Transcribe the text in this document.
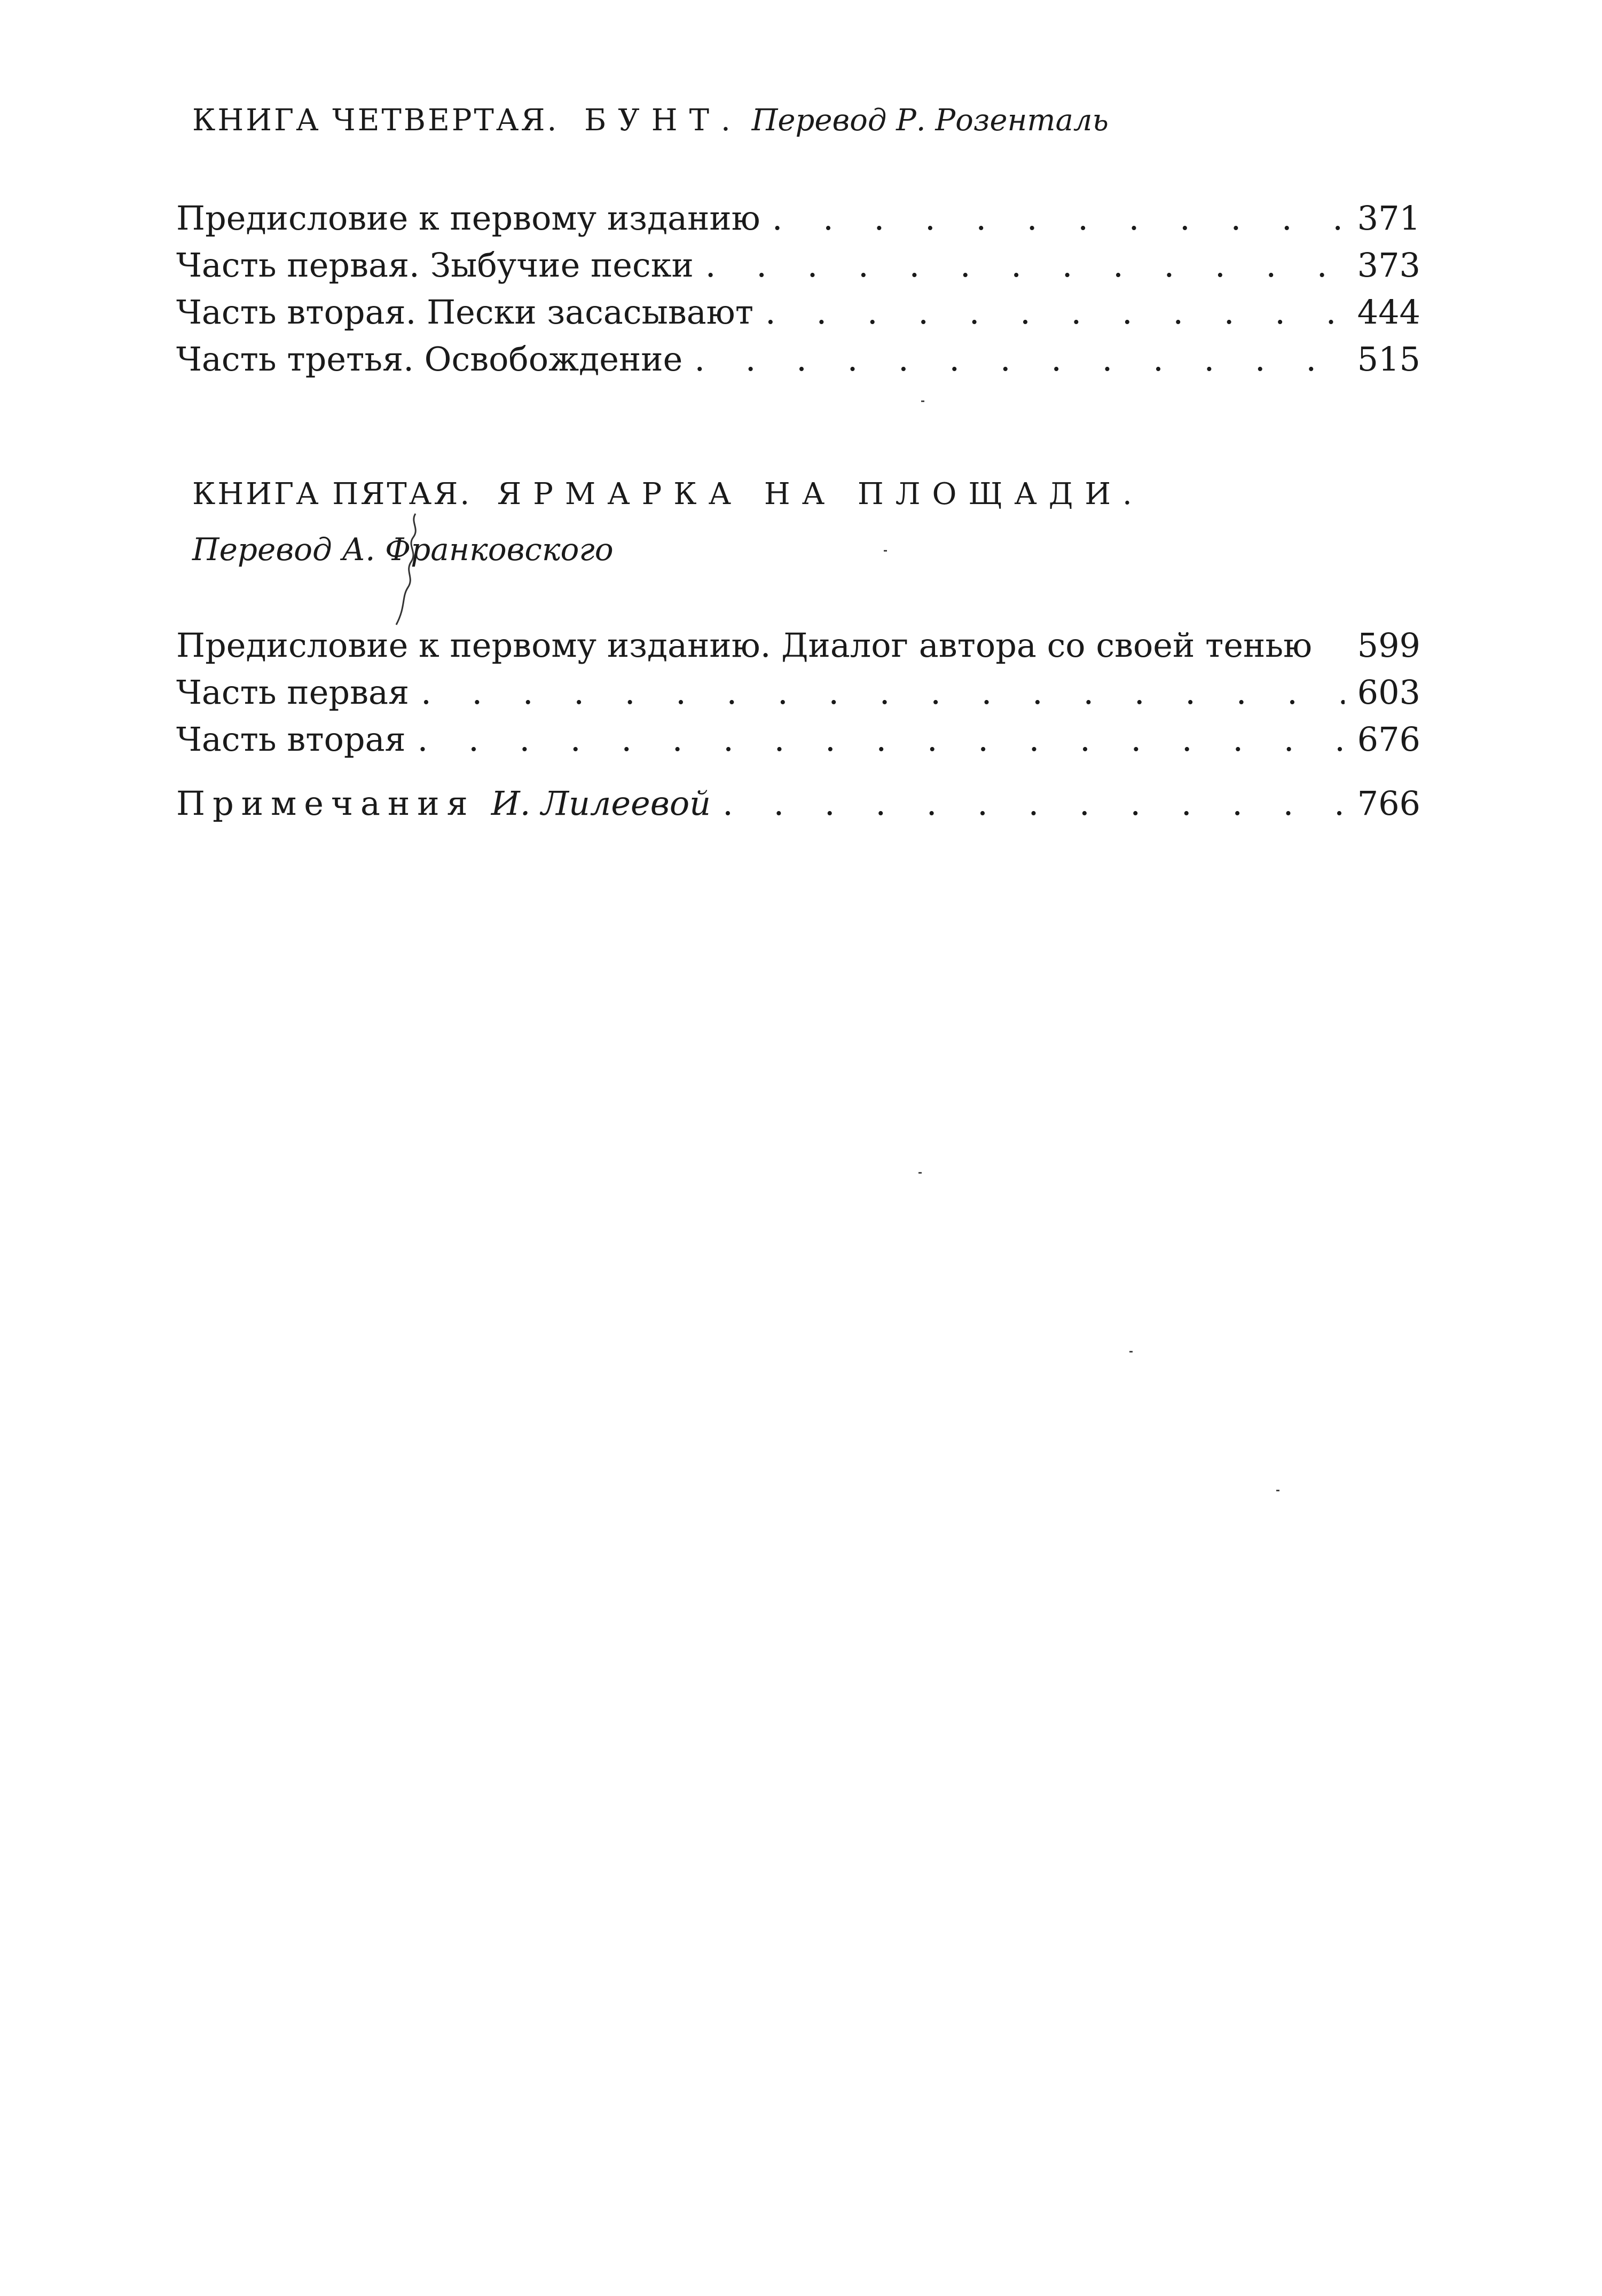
КНИГА ЧЕТВЕРТАЯ. БУНТ. Перевод Р. Розенталь
Предисловие к первому изданию . . .	371
Часть первая. Зыбучие пески . . .	373
Часть вторая. Пески засасывают . . .	444
Часть третья. Освобождение . . .	515
КНИГА ПЯТАЯ. ЯРМАРКА НА ПЛОЩАДИ.
Перевод А. Франковского
Предисловие к первому изданию. Диалог автора со своей тенью	599
Часть первая . . .	603
Часть вторая . . .	676
Примечания И. Лилеевой . . .	766
